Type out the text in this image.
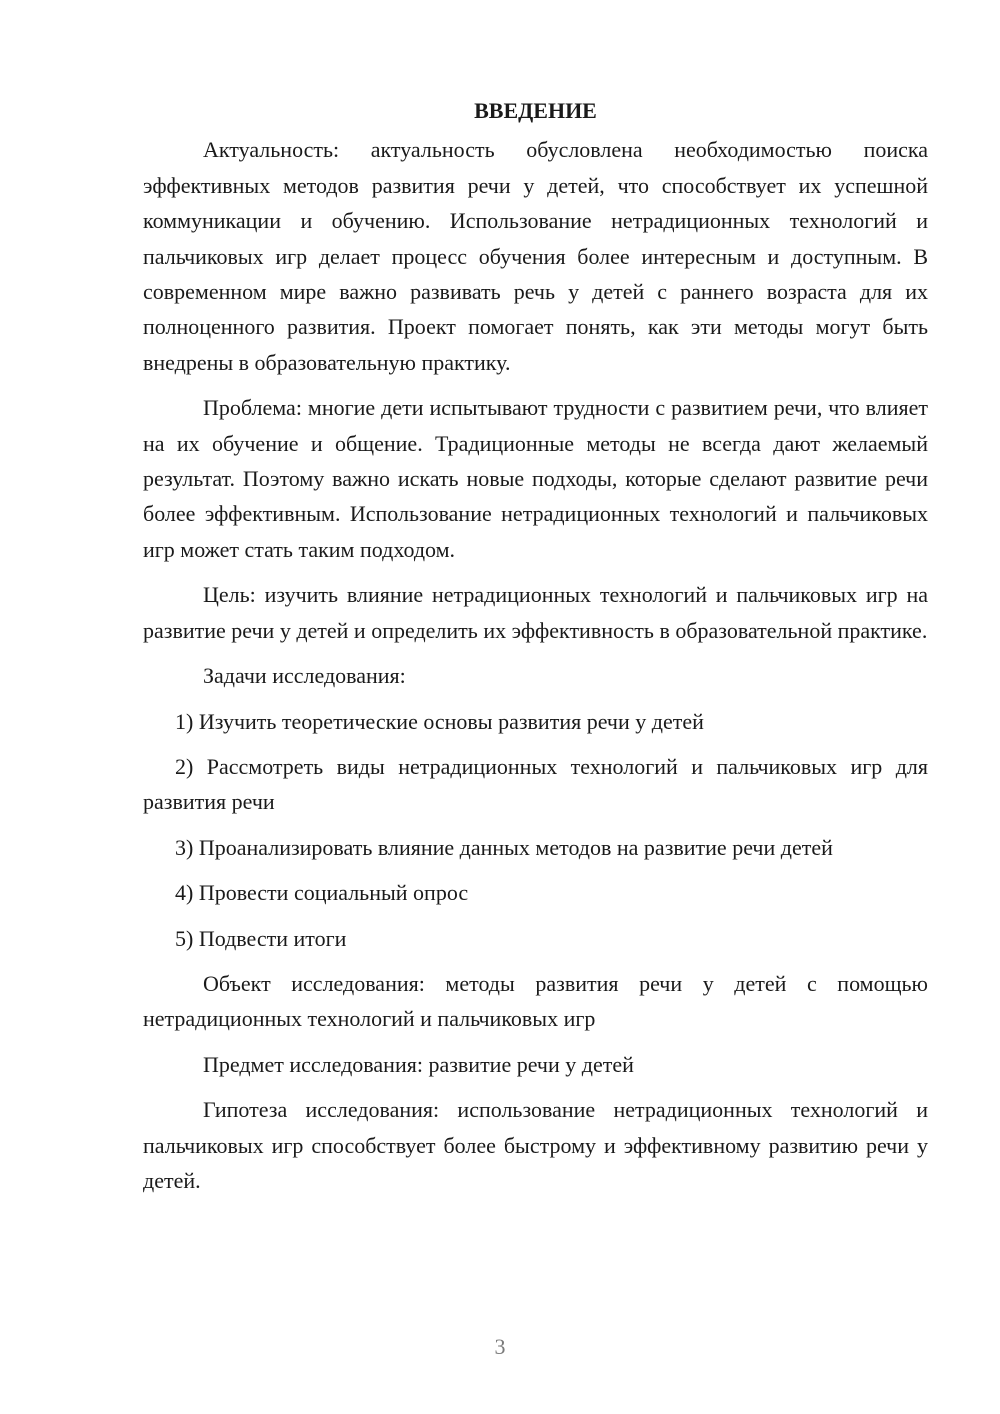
ВВЕДЕНИЕ

Актуальность: актуальность обусловлена необходимостью поиска эффективных методов развития речи у детей, что способствует их успешной коммуникации и обучению. Использование нетрадиционных технологий и пальчиковых игр делает процесс обучения более интересным и доступным. В современном мире важно развивать речь у детей с раннего возраста для их полноценного развития. Проект помогает понять, как эти методы могут быть внедрены в образовательную практику.

Проблема: многие дети испытывают трудности с развитием речи, что влияет на их обучение и общение. Традиционные методы не всегда дают желаемый результат. Поэтому важно искать новые подходы, которые сделают развитие речи более эффективным. Использование нетрадиционных технологий и пальчиковых игр может стать таким подходом.

Цель: изучить влияние нетрадиционных технологий и пальчиковых игр на развитие речи у детей и определить их эффективность в образовательной практике.

Задачи исследования:

1) Изучить теоретические основы развития речи у детей

2) Рассмотреть виды нетрадиционных технологий и пальчиковых игр для развития речи

3) Проанализировать влияние данных методов на развитие речи детей

4) Провести социальный опрос

5) Подвести итоги

Объект исследования: методы развития речи у детей с помощью нетрадиционных технологий и пальчиковых игр

Предмет исследования: развитие речи у детей

Гипотеза исследования: использование нетрадиционных технологий и пальчиковых игр способствует более быстрому и эффективному развитию речи у детей.

3
